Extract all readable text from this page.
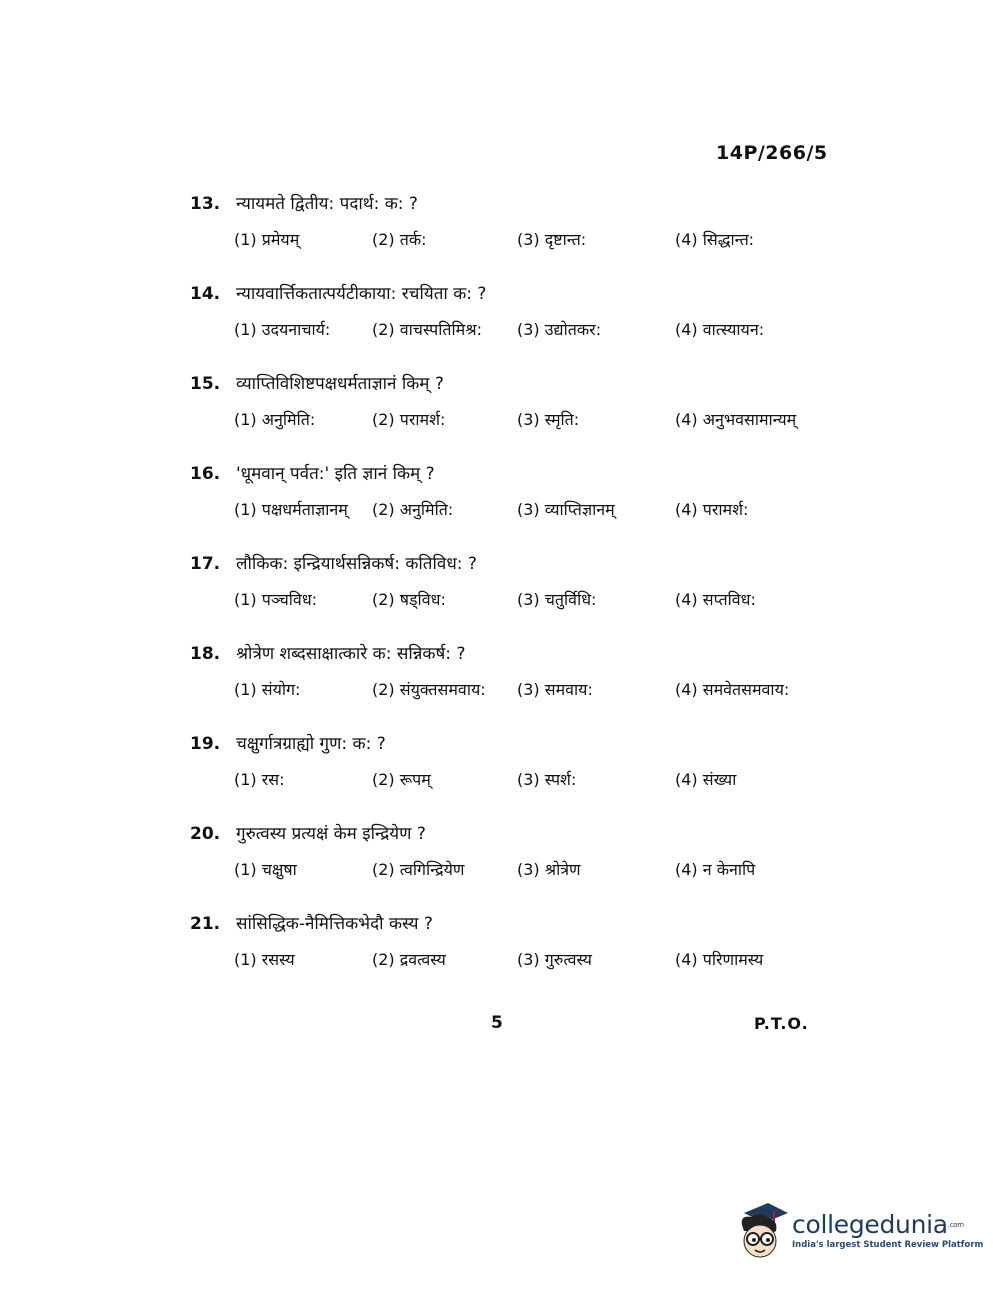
14P/266/5
13. न्यायमते द्वितीय: पदार्थ: क: ?
(1) प्रमेयम्	(2) तर्क:	(3) दृष्टान्त:	(4) सिद्धान्त:
14. न्यायवार्त्तिकतात्पर्यटीकाया: रचयिता क: ?
(1) उदयनाचार्य:	(2) वाचस्पतिमिश्र:	(3) उद्योतकर:	(4) वात्स्यायन:
15. व्याप्तिविशिष्टपक्षधर्मताज्ञानं किम् ?
(1) अनुमिति:	(2) परामर्श:	(3) स्मृति:	(4) अनुभवसामान्यम्
16. 'धूमवान् पर्वत:' इति ज्ञानं किम् ?
(1) पक्षधर्मताज्ञानम्	(2) अनुमिति:	(3) व्याप्तिज्ञानम्	(4) परामर्श:
17. लौकिक: इन्द्रियार्थसन्निकर्ष: कतिविध: ?
(1) पञ्चविध:	(2) षड्विध:	(3) चतुर्विधि:	(4) सप्तविध:
18. श्रोत्रेण शब्दसाक्षात्कारे क: सन्निकर्ष: ?
(1) संयोग:	(2) संयुक्तसमवाय:	(3) समवाय:	(4) समवेतसमवाय:
19. चक्षुर्गात्रग्राह्यो गुण: क: ?
(1) रस:	(2) रूपम्	(3) स्पर्श:	(4) संख्या
20. गुरुत्वस्य प्रत्यक्षं केम इन्द्रियेण ?
(1) चक्षुषा	(2) त्वगिन्द्रियेण	(3) श्रोत्रेण	(4) न केनापि
21. सांसिद्धिक-नैमित्तिकभेदौ कस्य ?
(1) रसस्य	(2) द्रवत्वस्य	(3) गुरुत्वस्य	(4) परिणामस्य
5	P.T.O.
collegedunia$^{.com}$
India's largest Student Review Platform
